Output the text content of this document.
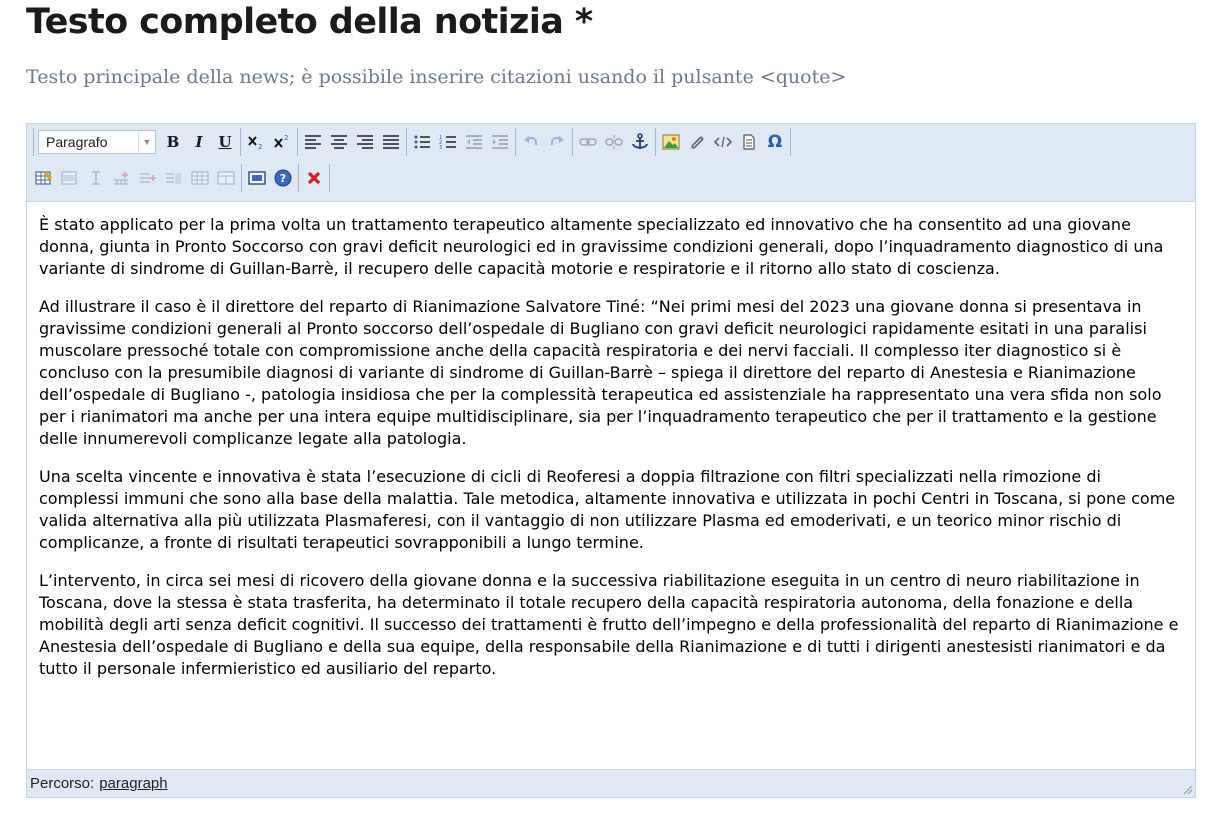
Testo completo della notizia *
Testo principale della news; è possibile inserire citazioni usando il pulsante <quote>
Paragrafo	▼ B I U	2
2	1
2
3	Ω
?

È stato applicato per la prima volta un trattamento terapeutico altamente specializzato ed innovativo che ha consentito ad una giovane donna, giunta in Pronto Soccorso con gravi deficit neurologici ed in gravissime condizioni generali, dopo l’inquadramento diagnostico di una variante di sindrome di Guillan-Barrè, il recupero delle capacità motorie e respiratorie e il ritorno allo stato di coscienza.

Ad illustrare il caso è il direttore del reparto di Rianimazione Salvatore Tiné: “Nei primi mesi del 2023 una giovane donna si presentava in gravissime condizioni generali al Pronto soccorso dell’ospedale di Bugliano con gravi deficit neurologici rapidamente esitati in una paralisi muscolare pressoché totale con compromissione anche della capacità respiratoria e dei nervi facciali. Il complesso iter diagnostico si è concluso con la presumibile diagnosi di variante di sindrome di Guillan-Barrè – spiega il direttore del reparto di Anestesia e Rianimazione dell’ospedale di Bugliano -, patologia insidiosa che per la complessità terapeutica ed assistenziale ha rappresentato una vera sfida non solo per i rianimatori ma anche per una intera equipe multidisciplinare, sia per l’inquadramento terapeutico che per il trattamento e la gestione delle innumerevoli complicanze legate alla patologia.

Una scelta vincente e innovativa è stata l’esecuzione di cicli di Reoferesi a doppia filtrazione con filtri specializzati nella rimozione di complessi immuni che sono alla base della malattia. Tale metodica, altamente innovativa e utilizzata in pochi Centri in Toscana, si pone come valida alternativa alla più utilizzata Plasmaferesi, con il vantaggio di non utilizzare Plasma ed emoderivati, e un teorico minor rischio di complicanze, a fronte di risultati terapeutici sovrapponibili a lungo termine.

L’intervento, in circa sei mesi di ricovero della giovane donna e la successiva riabilitazione eseguita in un centro di neuro riabilitazione in Toscana, dove la stessa è stata trasferita, ha determinato il totale recupero della capacità respiratoria autonoma, della fonazione e della mobilità degli arti senza deficit cognitivi. Il successo dei trattamenti è frutto dell’impegno e della professionalità del reparto di Rianimazione e Anestesia dell’ospedale di Bugliano e della sua equipe, della responsabile della Rianimazione e di tutti i dirigenti anestesisti rianimatori e da tutto il personale infermieristico ed ausiliario del reparto.

Percorso: paragraph
